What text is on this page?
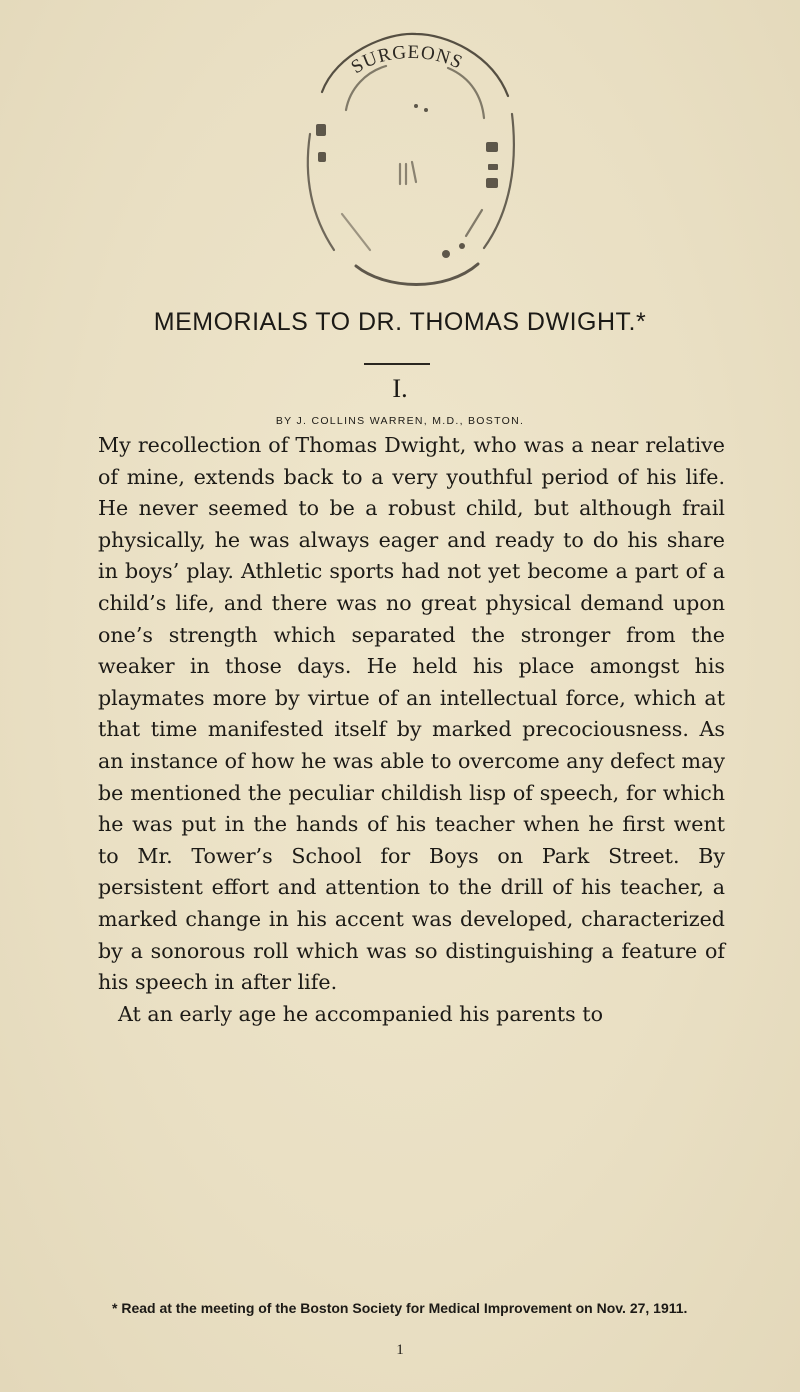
SURGEONS
MEMORIALS TO DR. THOMAS DWIGHT.*
I.
BY J. COLLINS WARREN, M.D., BOSTON.

My recollection of Thomas Dwight, who was a near relative of mine, extends back to a very youthful period of his life. He never seemed to be a robust child, but although frail physically, he was always eager and ready to do his share in boys’ play. Athletic sports had not yet become a part of a child’s life, and there was no great physical demand upon one’s strength which separated the stronger from the weaker in those days. He held his place amongst his playmates more by virtue of an intellectual force, which at that time manifested itself by marked precociousness. As an instance of how he was able to overcome any defect may be mentioned the peculiar childish lisp of speech, for which he was put in the hands of his teacher when he first went to Mr. Tower’s School for Boys on Park Street. By persistent effort and attention to the drill of his teacher, a marked change in his accent was developed, characterized by a sonorous roll which was so distinguishing a feature of his speech in after life.

At an early age he accompanied his parents to

* Read at the meeting of the Boston Society for Medical Improvement on Nov. 27, 1911.
1
